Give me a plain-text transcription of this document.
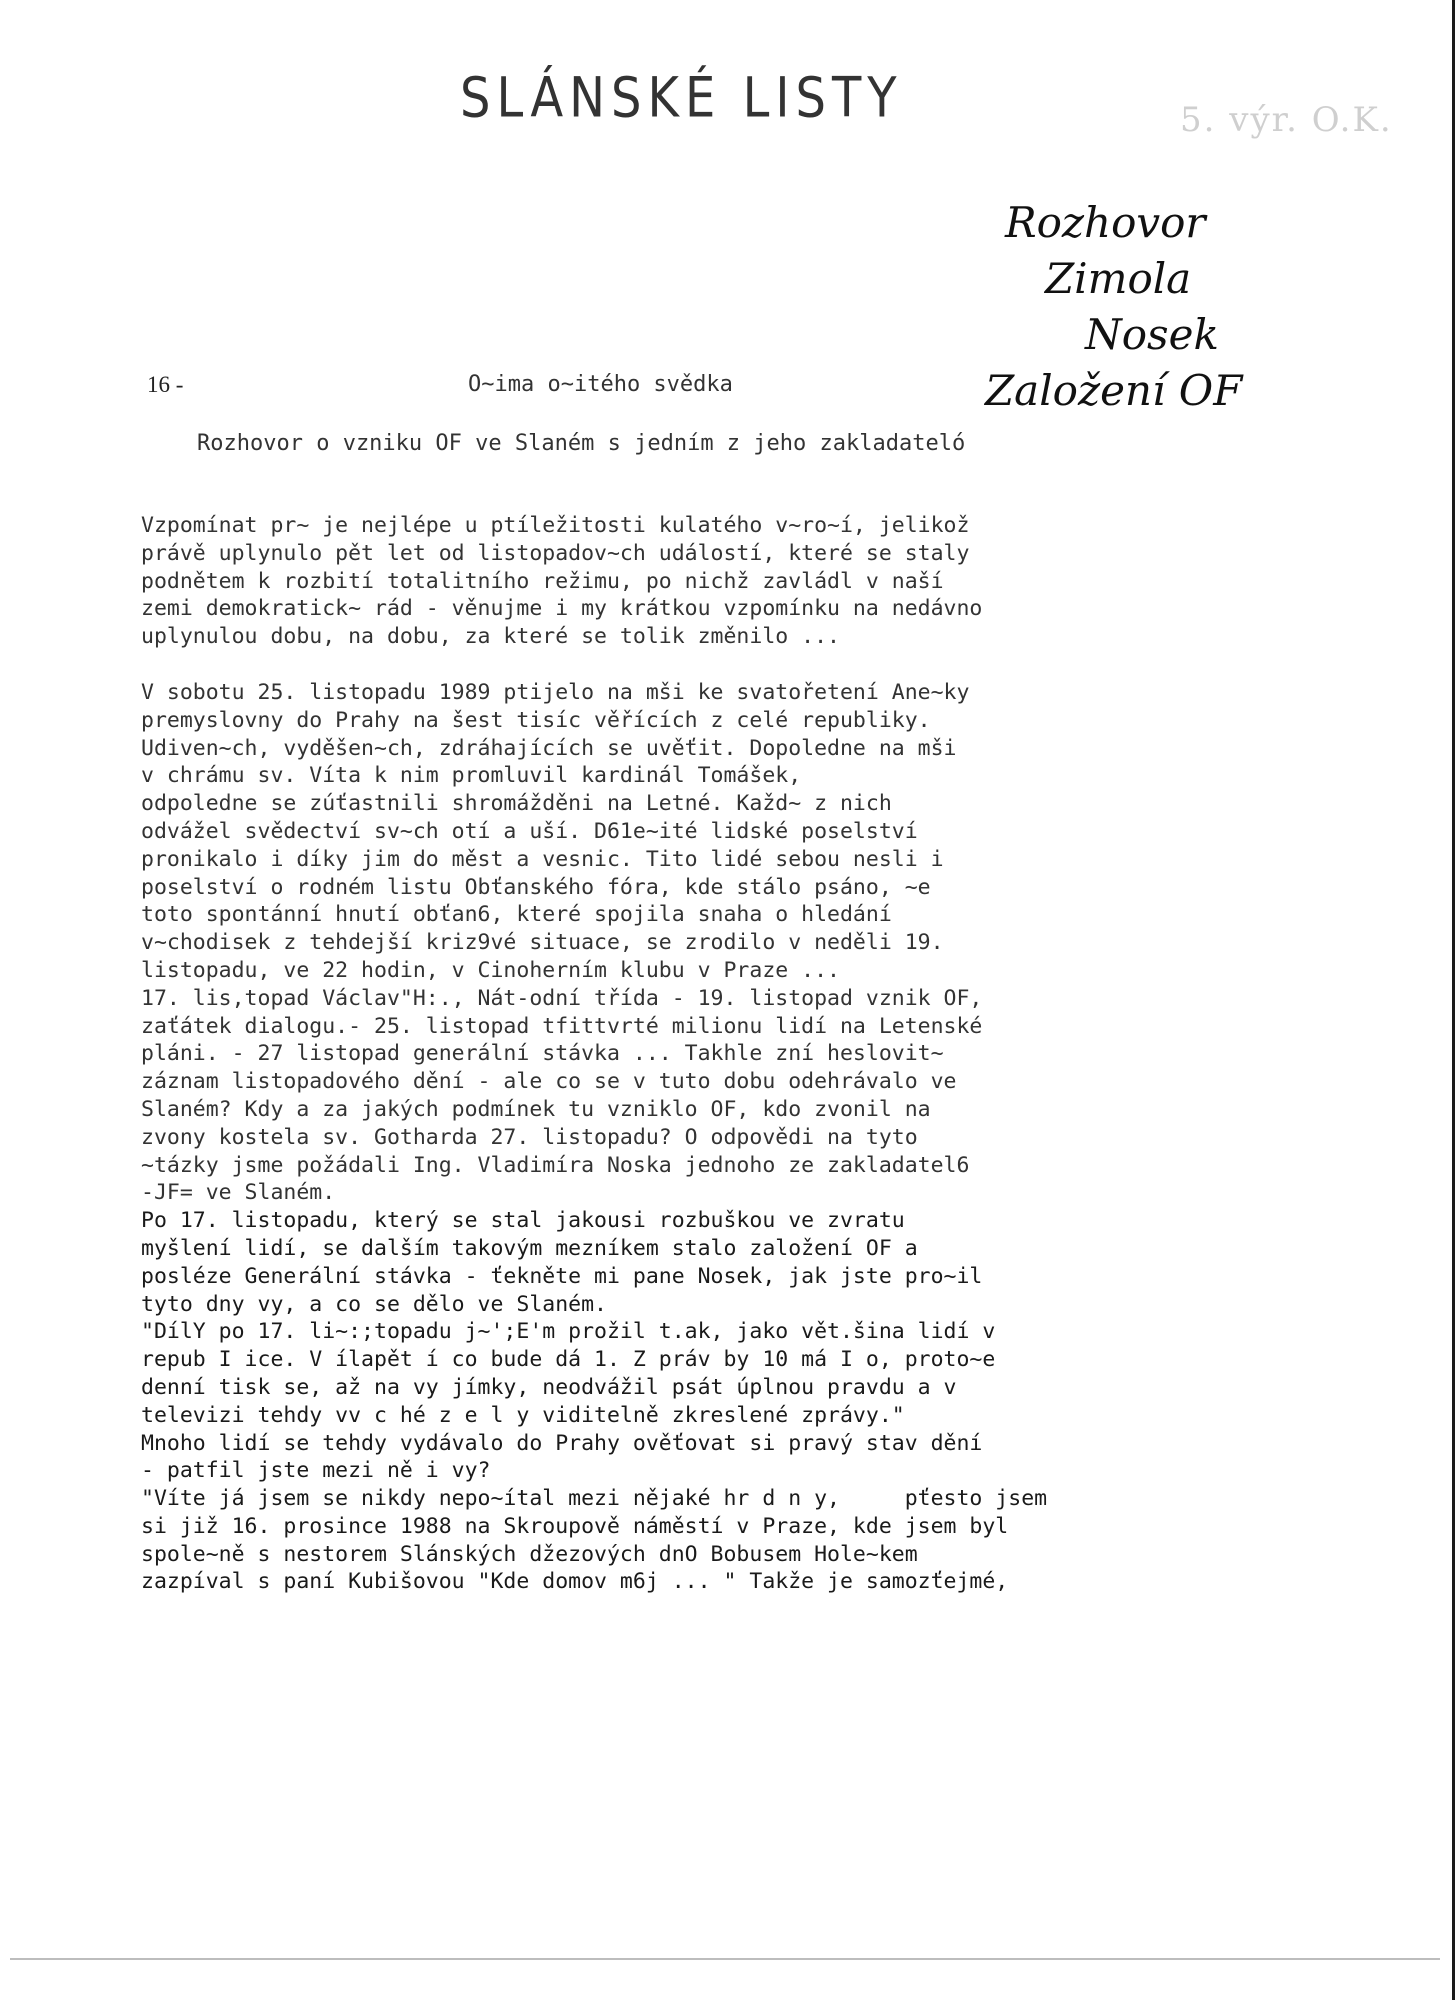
SLÁNSKÉ LISTY	5. výr. O.K.
Rozhovor
Zimola
Nosek
Založení OF
16 -	O~ima o~itého svědka
Rozhovor o vzniku OF ve Slaném s jedním z jeho zakladateló
Vzpomínat pr~ je nejlépe u ptíležitosti kulatého v~ro~í, jelikož
právě uplynulo pět let od listopadov~ch událostí, které se staly
podnětem k rozbití totalitního režimu, po nichž zavládl v naší
zemi demokratick~ rád - věnujme i my krátkou vzpomínku na nedávno
uplynulou dobu, na dobu, za které se tolik změnilo ...
V sobotu 25. listopadu 1989 ptijelo na mši ke svatořetení Ane~ky
premyslovny do Prahy na šest tisíc věřících z celé republiky.
Udiven~ch, vyděšen~ch, zdráhajících se uvěťit. Dopoledne na mši
v chrámu sv. Víta k nim promluvil kardinál Tomášek,
odpoledne se zúťastnili shromážděni na Letné. Každ~ z nich
odvážel svědectví sv~ch otí a uší. D61e~ité lidské poselství
pronikalo i díky jim do měst a vesnic. Tito lidé sebou nesli i
poselství o rodném listu Obťanského fóra, kde stálo psáno, ~e
toto spontánní hnutí obťan6, které spojila snaha o hledání
v~chodisek z tehdejší kriz9vé situace, se zrodilo v neděli 19.
listopadu, ve 22 hodin, v Cinoherním klubu v Praze ...
17. lis,topad Václav"H:., Nát-odní třída - 19. listopad vznik OF,
zaťátek dialogu.- 25. listopad tfittvrté milionu lidí na Letenské
pláni. - 27 listopad generální stávka ... Takhle zní heslovit~
záznam listopadového dění - ale co se v tuto dobu odehrávalo ve
Slaném? Kdy a za jakých podmínek tu vzniklo OF, kdo zvonil na
zvony kostela sv. Gotharda 27. listopadu? O odpovědi na tyto
~tázky jsme požádali Ing. Vladimíra Noska jednoho ze zakladatel6
-JF= ve Slaném.
Po 17. listopadu, který se stal jakousi rozbuškou ve zvratu
myšlení lidí, se dalším takovým mezníkem stalo založení OF a
posléze Generální stávka - ťekněte mi pane Nosek, jak jste pro~il
tyto dny vy, a co se dělo ve Slaném.
"DílY po 17. li~:;topadu j~';E'm prožil t.ak, jako vět.šina lidí v
repub I ice. V ílapět í co bude dá 1. Z práv by 10 má I o, proto~e
denní tisk se, až na vy jímky, neodvážil psát úplnou pravdu a v
televizi tehdy vv c hé z e l y viditelně zkreslené zprávy."
Mnoho lidí se tehdy vydávalo do Prahy ověťovat si pravý stav dění
- patfil jste mezi ně i vy?
"Víte já jsem se nikdy nepo~ítal mezi nějaké hr d n y,     pťesto jsem
si již 16. prosince 1988 na Skroupově náměstí v Praze, kde jsem byl
spole~ně s nestorem Slánských džezových dnO Bobusem Hole~kem
zazpíval s paní Kubišovou "Kde domov m6j ... " Takže je samozťejmé,
